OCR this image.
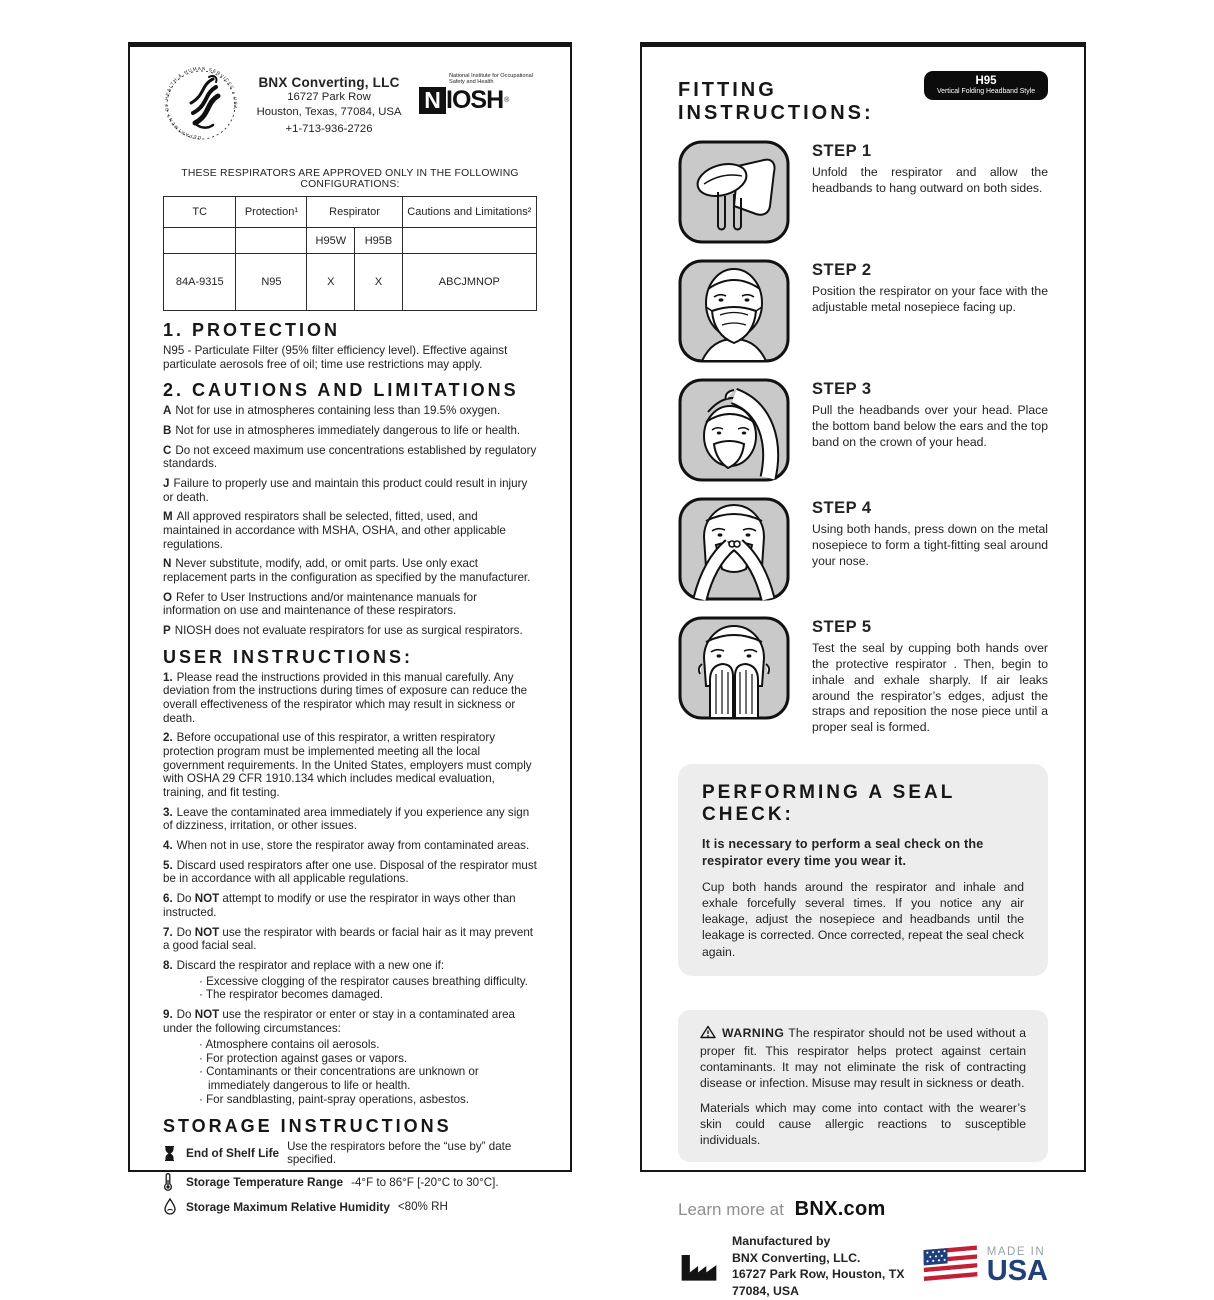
DEPARTMENT OF HEALTH & HUMAN SERVICES • USA
BNX Converting, LLC
16727 Park Row
Houston, Texas, 77084, USA
+1-713-936-2726
National Institute for Occupational Safety and Health
N IOSH ®
THESE RESPIRATORS ARE APPROVED ONLY IN THE FOLLOWING CONFIGURATIONS:
TC	Protection¹	Respirator		Cautions and Limitations²
		H95W	H95B	
84A-9315	N95	X	X	ABCJMNOP
1. PROTECTION

N95 - Particulate Filter (95% filter efficiency level). Effective against particulate aerosols free of oil; time use restrictions may apply.

2. CAUTIONS AND LIMITATIONS

A Not for use in atmospheres containing less than 19.5% oxygen.

B Not for use in atmospheres immediately dangerous to life or health.

C Do not exceed maximum use concentrations established by regulatory standards.

J Failure to properly use and maintain this product could result in injury or death.

M All approved respirators shall be selected, fitted, used, and maintained in accordance with MSHA, OSHA, and other applicable regulations.

N Never substitute, modify, add, or omit parts. Use only exact replacement parts in the configuration as specified by the manufacturer.

O Refer to User Instructions and/or maintenance manuals for information on use and maintenance of these respirators.

P NIOSH does not evaluate respirators for use as surgical respirators.

USER INSTRUCTIONS:

1. Please read the instructions provided in this manual carefully. Any deviation from the instructions during times of exposure can reduce the overall effectiveness of the respirator which may result in sickness or death.

2. Before occupational use of this respirator, a written respiratory protection program must be implemented meeting all the local government requirements. In the United States, employers must comply with OSHA 29 CFR 1910.134 which includes medical evaluation, training, and fit testing.

3. Leave the contaminated area immediately if you experience any sign of dizziness, irritation, or other issues.

4. When not in use, store the respirator away from contaminated areas.

5. Discard used respirators after one use. Disposal of the respirator must be in accordance with all applicable regulations.

6. Do NOT attempt to modify or use the respirator in ways other than instructed.

7. Do NOT use the respirator with beards or facial hair as it may prevent a good facial seal.

8. Discard the respirator and replace with a new one if:

· Excessive clogging of the respirator causes breathing difficulty.
· The respirator becomes damaged.

9. Do NOT use the respirator or enter or stay in a contaminated area under the following circumstances:

· Atmosphere contains oil aerosols.
· For protection against gases or vapors.
· Contaminants or their concentrations are unknown or immediately dangerous to life or health.
· For sandblasting, paint-spray operations, asbestos.
STORAGE INSTRUCTIONS
End of Shelf Life Use the respirators before the “use by” date specified.
Storage Temperature Range -4°F to 86°F [-20°C to 30°C].
Storage Maximum Relative Humidity <80% RH
FITTING INSTRUCTIONS:
H95
Vertical Folding Headband Style
STEP 1

Unfold the respirator and allow the headbands to hang outward on both sides.

STEP 2

Position the respirator on your face with the adjustable metal nosepiece facing up.

STEP 3

Pull the headbands over your head. Place the bottom band below the ears and the top band on the crown of your head.

STEP 4

Using both hands, press down on the metal nosepiece to form a tight-fitting seal around your nose.

STEP 5

Test the seal by cupping both hands over the protective respirator . Then, begin to inhale and exhale sharply. If air leaks around the respirator’s edges, adjust the straps and reposition the nose piece until a proper seal is formed.

PERFORMING A SEAL CHECK:

It is necessary to perform a seal check on the respirator every time you wear it.

Cup both hands around the respirator and inhale and exhale forcefully several times. If you notice any air leakage, adjust the nosepiece and headbands until the leakage is corrected. Once corrected, repeat the seal check again.

WARNING The respirator should not be used without a proper fit. This respirator helps protect against certain contaminants. It may not eliminate the risk of contracting disease or infection. Misuse may result in sickness or death.

Materials which may come into contact with the wearer’s skin could cause allergic reactions to susceptible individuals.

Learn more at BNX.com
Manufactured by
BNX Converting, LLC.
16727 Park Row, Houston, TX 77084, USA
MADE IN
USA
